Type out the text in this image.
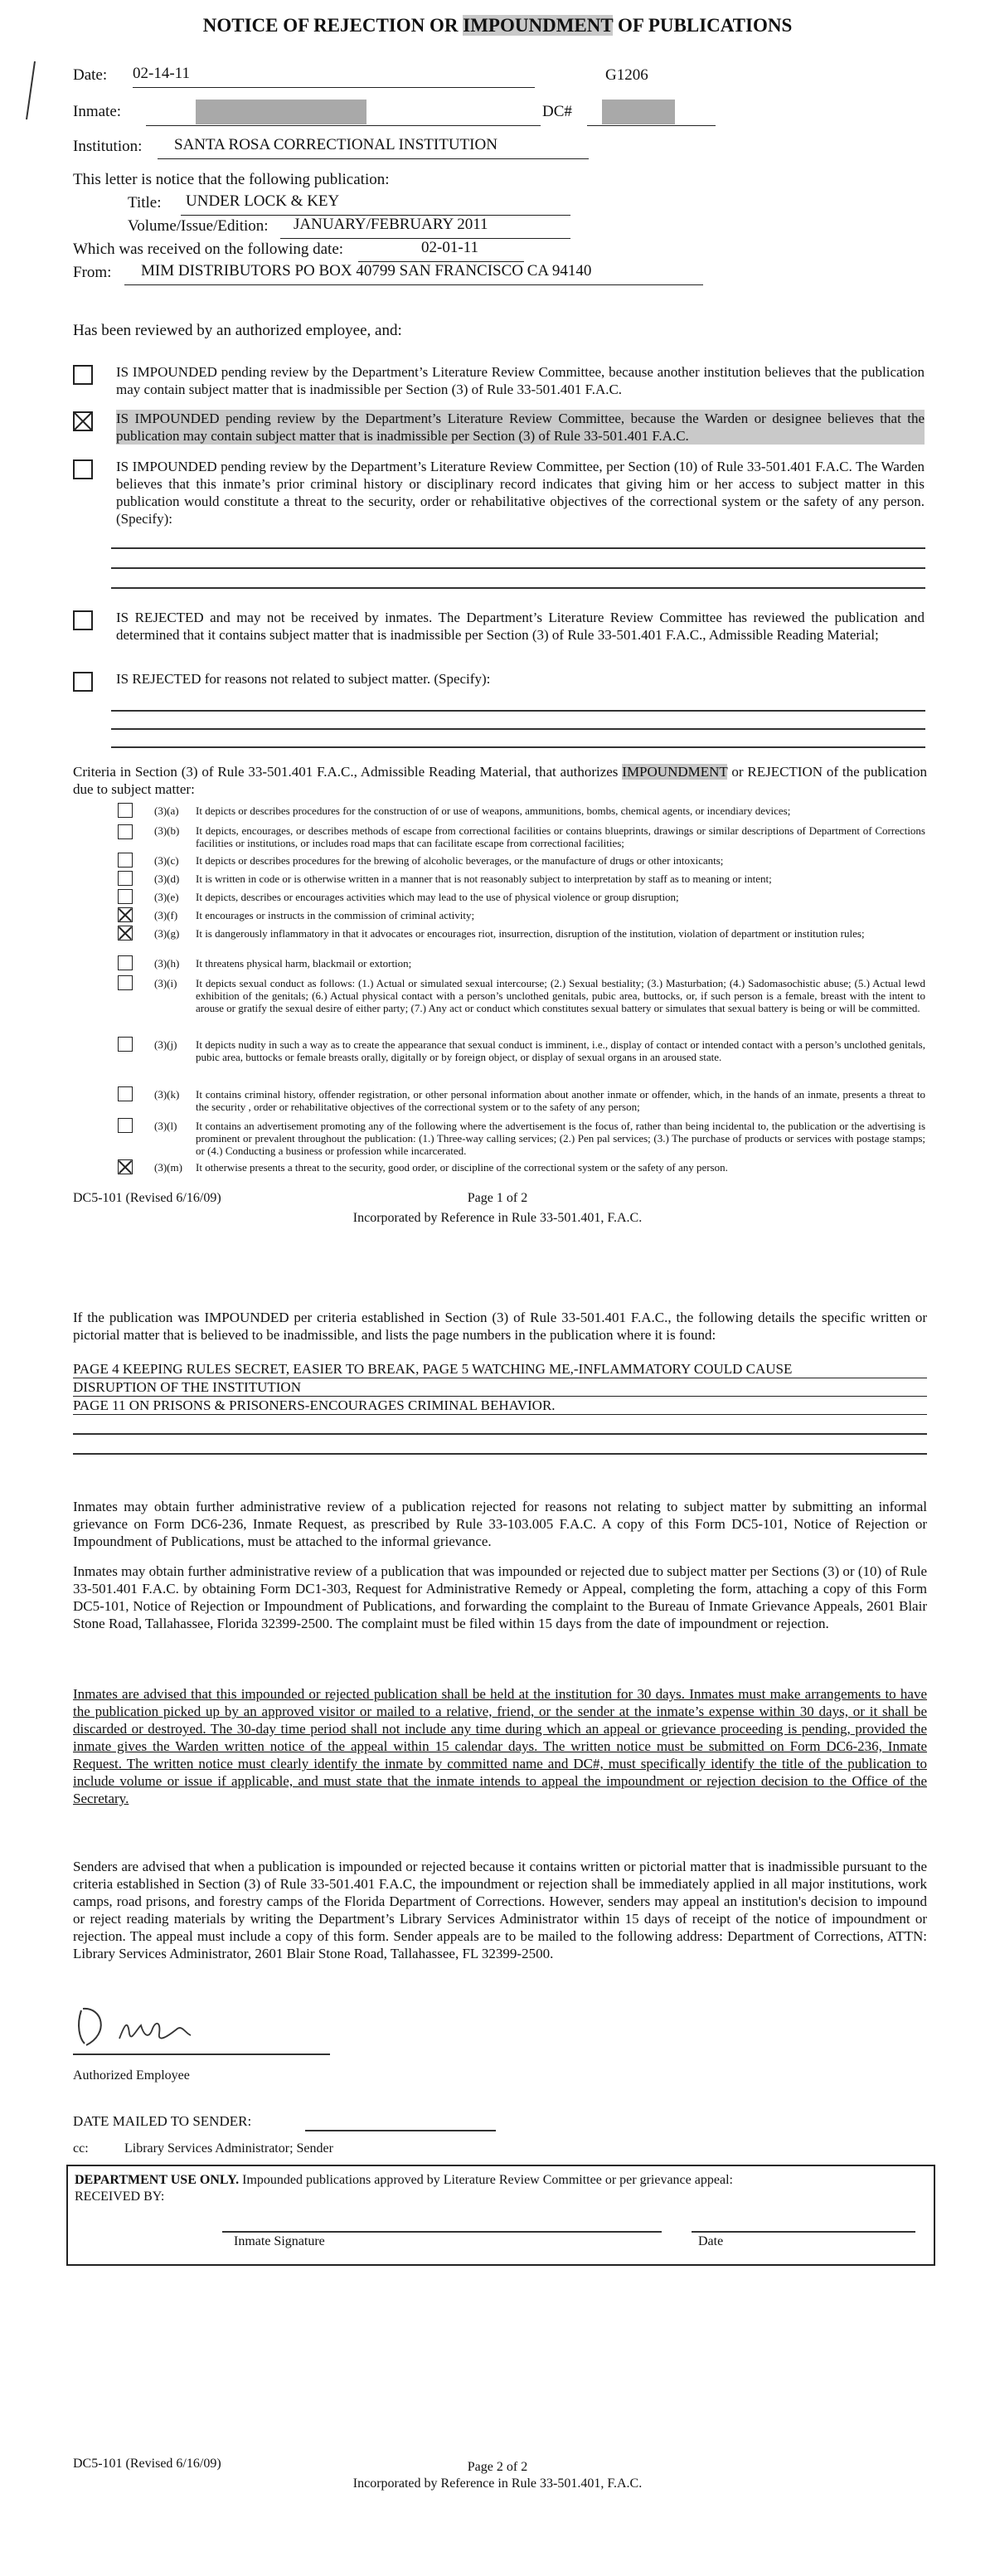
NOTICE OF REJECTION OR IMPOUNDMENT OF PUBLICATIONS
Date: 02-14-11	G1206
Inmate:	DC#
Institution:	SANTA ROSA CORRECTIONAL INSTITUTION
This letter is notice that the following publication:
Title:	UNDER LOCK & KEY
Volume/Issue/Edition:	JANUARY/FEBRUARY 2011
Which was received on the following date:	02-01-11
From:	MIM DISTRIBUTORS PO BOX 40799 SAN FRANCISCO CA 94140
Has been reviewed by an authorized employee, and:
IS IMPOUNDED pending review by the Department’s Literature Review Committee, because another institution believes that the publication may contain subject matter that is inadmissible per Section (3) of Rule 33-501.401 F.A.C.
IS IMPOUNDED pending review by the Department’s Literature Review Committee, because the Warden or designee believes that the publication may contain subject matter that is inadmissible per Section (3) of Rule 33-501.401 F.A.C.
IS IMPOUNDED pending review by the Department’s Literature Review Committee, per Section (10) of Rule 33-501.401 F.A.C. The Warden believes that this inmate’s prior criminal history or disciplinary record indicates that giving him or her access to subject matter in this publication would constitute a threat to the security, order or rehabilitative objectives of the correctional system or the safety of any person. (Specify):
IS REJECTED and may not be received by inmates. The Department’s Literature Review Committee has reviewed the publication and determined that it contains subject matter that is inadmissible per Section (3) of Rule 33-501.401 F.A.C., Admissible Reading Material;
IS REJECTED for reasons not related to subject matter. (Specify):
Criteria in Section (3) of Rule 33-501.401 F.A.C., Admissible Reading Material, that authorizes IMPOUNDMENT or REJECTION of the publication due to subject matter:
(3)(a) It depicts or describes procedures for the construction of or use of weapons, ammunitions, bombs, chemical agents, or incendiary devices;
(3)(b) It depicts, encourages, or describes methods of escape from correctional facilities or contains blueprints, drawings or similar descriptions of Department of Corrections facilities or institutions, or includes road maps that can facilitate escape from correctional facilities;
(3)(c) It depicts or describes procedures for the brewing of alcoholic beverages, or the manufacture of drugs or other intoxicants;
(3)(d) It is written in code or is otherwise written in a manner that is not reasonably subject to interpretation by staff as to meaning or intent;
(3)(e) It depicts, describes or encourages activities which may lead to the use of physical violence or group disruption;
(3)(f) It encourages or instructs in the commission of criminal activity;
(3)(g) It is dangerously inflammatory in that it advocates or encourages riot, insurrection, disruption of the institution, violation of department or institution rules;
(3)(h) It threatens physical harm, blackmail or extortion;
(3)(i) It depicts sexual conduct as follows: (1.) Actual or simulated sexual intercourse; (2.) Sexual bestiality; (3.) Masturbation; (4.) Sadomasochistic abuse; (5.) Actual lewd exhibition of the genitals; (6.) Actual physical contact with a person’s unclothed genitals, pubic area, buttocks, or, if such person is a female, breast with the intent to arouse or gratify the sexual desire of either party; (7.) Any act or conduct which constitutes sexual battery or simulates that sexual battery is being or will be committed.
(3)(j) It depicts nudity in such a way as to create the appearance that sexual conduct is imminent, i.e., display of contact or intended contact with a person’s unclothed genitals, pubic area, buttocks or female breasts orally, digitally or by foreign object, or display of sexual organs in an aroused state.
(3)(k) It contains criminal history, offender registration, or other personal information about another inmate or offender, which, in the hands of an inmate, presents a threat to the security , order or rehabilitative objectives of the correctional system or to the safety of any person;
(3)(l) It contains an advertisement promoting any of the following where the advertisement is the focus of, rather than being incidental to, the publication or the advertising is prominent or prevalent throughout the publication: (1.) Three-way calling services; (2.) Pen pal services; (3.) The purchase of products or services with postage stamps; or (4.) Conducting a business or profession while incarcerated.
(3)(m) It otherwise presents a threat to the security, good order, or discipline of the correctional system or the safety of any person.
DC5-101 (Revised 6/16/09)	Page 1 of 2
Incorporated by Reference in Rule 33-501.401, F.A.C.
If the publication was IMPOUNDED per criteria established in Section (3) of Rule 33-501.401 F.A.C., the following details the specific written or pictorial matter that is believed to be inadmissible, and lists the page numbers in the publication where it is found:
PAGE 4 KEEPING RULES SECRET, EASIER TO BREAK, PAGE 5 WATCHING ME,-INFLAMMATORY COULD CAUSE
DISRUPTION OF THE INSTITUTION
PAGE 11 ON PRISONS & PRISONERS-ENCOURAGES CRIMINAL BEHAVIOR.
Inmates may obtain further administrative review of a publication rejected for reasons not relating to subject matter by submitting an informal grievance on Form DC6-236, Inmate Request, as prescribed by Rule 33-103.005 F.A.C. A copy of this Form DC5-101, Notice of Rejection or Impoundment of Publications, must be attached to the informal grievance.
Inmates may obtain further administrative review of a publication that was impounded or rejected due to subject matter per Sections (3) or (10) of Rule 33-501.401 F.A.C. by obtaining Form DC1-303, Request for Administrative Remedy or Appeal, completing the form, attaching a copy of this Form DC5-101, Notice of Rejection or Impoundment of Publications, and forwarding the complaint to the Bureau of Inmate Grievance Appeals, 2601 Blair Stone Road, Tallahassee, Florida 32399-2500. The complaint must be filed within 15 days from the date of impoundment or rejection.
Inmates are advised that this impounded or rejected publication shall be held at the institution for 30 days. Inmates must make arrangements to have the publication picked up by an approved visitor or mailed to a relative, friend, or the sender at the inmate’s expense within 30 days, or it shall be discarded or destroyed. The 30-day time period shall not include any time during which an appeal or grievance proceeding is pending, provided the inmate gives the Warden written notice of the appeal within 15 calendar days. The written notice must be submitted on Form DC6-236, Inmate Request. The written notice must clearly identify the inmate by committed name and DC#, must specifically identify the title of the publication to include volume or issue if applicable, and must state that the inmate intends to appeal the impoundment or rejection decision to the Office of the Secretary.
Senders are advised that when a publication is impounded or rejected because it contains written or pictorial matter that is inadmissible pursuant to the criteria established in Section (3) of Rule 33-501.401 F.A.C, the impoundment or rejection shall be immediately applied in all major institutions, work camps, road prisons, and forestry camps of the Florida Department of Corrections. However, senders may appeal an institution's decision to impound or reject reading materials by writing the Department’s Library Services Administrator within 15 days of receipt of the notice of impoundment or rejection. The appeal must include a copy of this form. Sender appeals are to be mailed to the following address: Department of Corrections, ATTN: Library Services Administrator, 2601 Blair Stone Road, Tallahassee, FL 32399-2500.
Authorized Employee
DATE MAILED TO SENDER:
cc:	Library Services Administrator; Sender
DEPARTMENT USE ONLY. Impounded publications approved by Literature Review Committee or per grievance appeal:
RECEIVED BY:
Inmate Signature	Date
DC5-101 (Revised 6/16/09)	Page 2 of 2
Incorporated by Reference in Rule 33-501.401, F.A.C.
